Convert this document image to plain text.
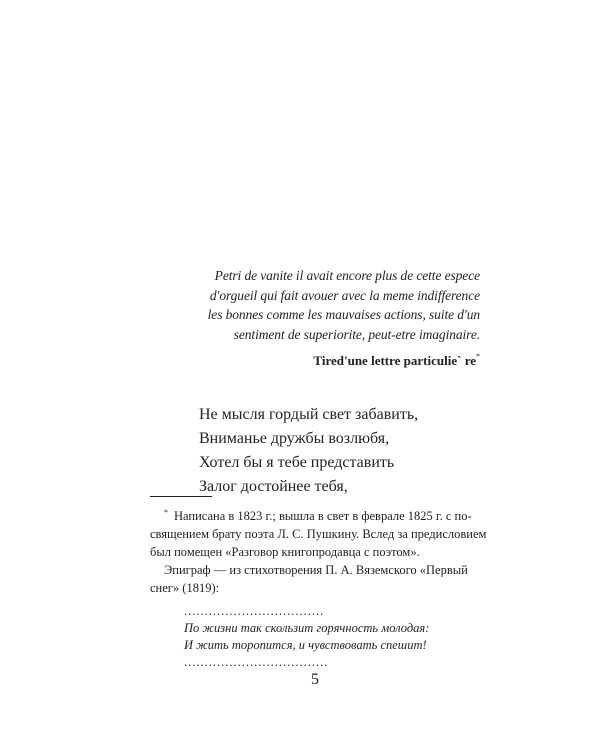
Petri de vanite il avait encore plus de cette espece
d'orgueil qui fait avouer avec la meme indifference
les bonnes comme les mauvaises actions, suite d'un
sentiment de superiorite, peut-etre imaginaire.
Tired'une lettre particulie` re*
Не мысля гордый свет забавить,
Вниманье дружбы возлюбя,
Хотел бы я тебе представить
Залог достойнее тебя,
* Написана в 1823 г.; вышла в свет в феврале 1825 г. с по-
священием брату поэта Л. С. Пушкину. Вслед за предисловием
был помещен «Разговор книгопродавца с поэтом».
Эпиграф — из стихотворения П. А. Вяземского «Первый
снег» (1819):
..................................
По жизни так скользит горячность молодая:
И жить торопится, и чувствовать спешит!
...................................
5
